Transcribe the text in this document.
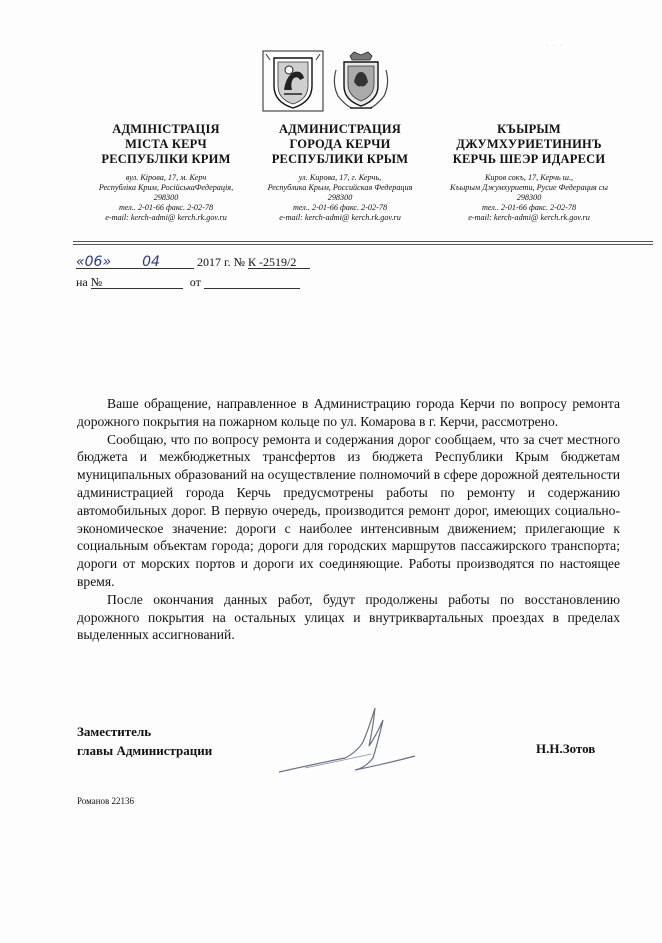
· · ·
АДМІНІСТРАЦІЯ
МІСТА КЕРЧ
РЕСПУБЛІКИ КРИМ
вул. Кірова, 17, м. Керч
Республіка Крим, РосійськаФедерація,
298300
тел.. 2-01-66 факс. 2-02-78
e-mail: kerch-admi@ kerch.rk.gov.ru
АДМИНИСТРАЦИЯ
ГОРОДА КЕРЧИ
РЕСПУБЛИКИ КРЫМ
ул. Кирова, 17, г. Керчь,
Республика Крым, Российская Федерация
298300
тел.. 2-01-66 факс. 2-02-78
e-mail: kerch-admi@ kerch.rk.gov.ru
КЪЫРЫМ
ДЖУМХУРИЕТИНИНЪ
КЕРЧЬ ШЕЭР ИДАРЕСИ
Киров сокъ, 17, Керчь ш.,
Къырым Джумхуриети, Русие Федерация сы
298300
тел.. 2-01-66 факс. 2-02-78
e-mail: kerch-admi@ kerch.rk.gov.ru
«06» 04	2017 г. № К -2519/2
на №	от

Ваше обращение, направленное в Администрацию города Керчи по вопросу ремонта дорожного покрытия на пожарном кольце по ул. Комарова в г. Керчи, рассмотрено.

Сообщаю, что по вопросу ремонта и содержания дорог сообщаем, что за счет местного бюджета и межбюджетных трансфертов из бюджета Республики Крым бюджетам муниципальных образований на осуществление полномочий в сфере дорожной деятельности администрацией города Керчь предусмотрены работы по ремонту и содержанию автомобильных дорог. В первую очередь, производится ремонт дорог, имеющих социально-экономическое значение: дороги с наиболее интенсивным движением; прилегающие к социальным объектам города; дороги для городских маршрутов пассажирского транспорта; дороги от морских портов и дороги их соединяющие. Работы производятся по настоящее время.

После окончания данных работ, будут продолжены работы по восстановлению дорожного покрытия на остальных улицах и внутриквартальных проездах в пределах выделенных ассигнований.

Заместитель
главы Администрации	Н.Н.Зотов
Романов 22136
